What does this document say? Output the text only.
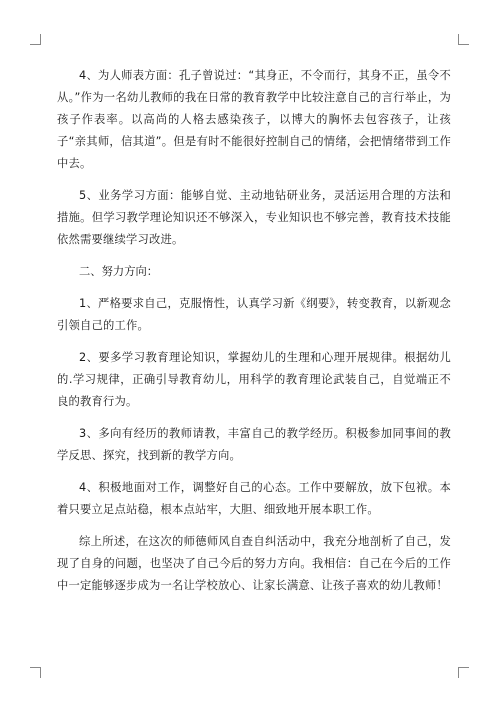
4、为人师表方面：孔子曾说过：“其身正，不令而行，其身不正，虽令不从。”作为一名幼儿教师的我在日常的教育教学中比较注意自己的言行举止，为孩子作表率。以高尚的人格去感染孩子，以博大的胸怀去包容孩子，让孩子“亲其师，信其道”。但是有时不能很好控制自己的情绪，会把情绪带到工作中去。

5、业务学习方面：能够自觉、主动地钻研业务，灵活运用合理的方法和措施。但学习教学理论知识还不够深入，专业知识也不够完善，教育技术技能依然需要继续学习改进。

二、努力方向：

1、严格要求自己，克服惰性，认真学习新《纲要》，转变教育，以新观念引领自己的工作。

2、要多学习教育理论知识，掌握幼儿的生理和心理开展规律。根据幼儿的.学习规律，正确引导教育幼儿，用科学的教育理论武装自己，自觉端正不良的教育行为。

3、多向有经历的教师请教，丰富自己的教学经历。积极参加同事间的教学反思、探究，找到新的教学方向。

4、积极地面对工作，调整好自己的心态。工作中要解放，放下包袱。本着只要立足点站稳，根本点站牢，大胆、细致地开展本职工作。

综上所述，在这次的师德师风自查自纠活动中，我充分地剖析了自己，发现了自身的问题，也坚决了自己今后的努力方向。我相信：自己在今后的工作中一定能够逐步成为一名让学校放心、让家长满意、让孩子喜欢的幼儿教师！
